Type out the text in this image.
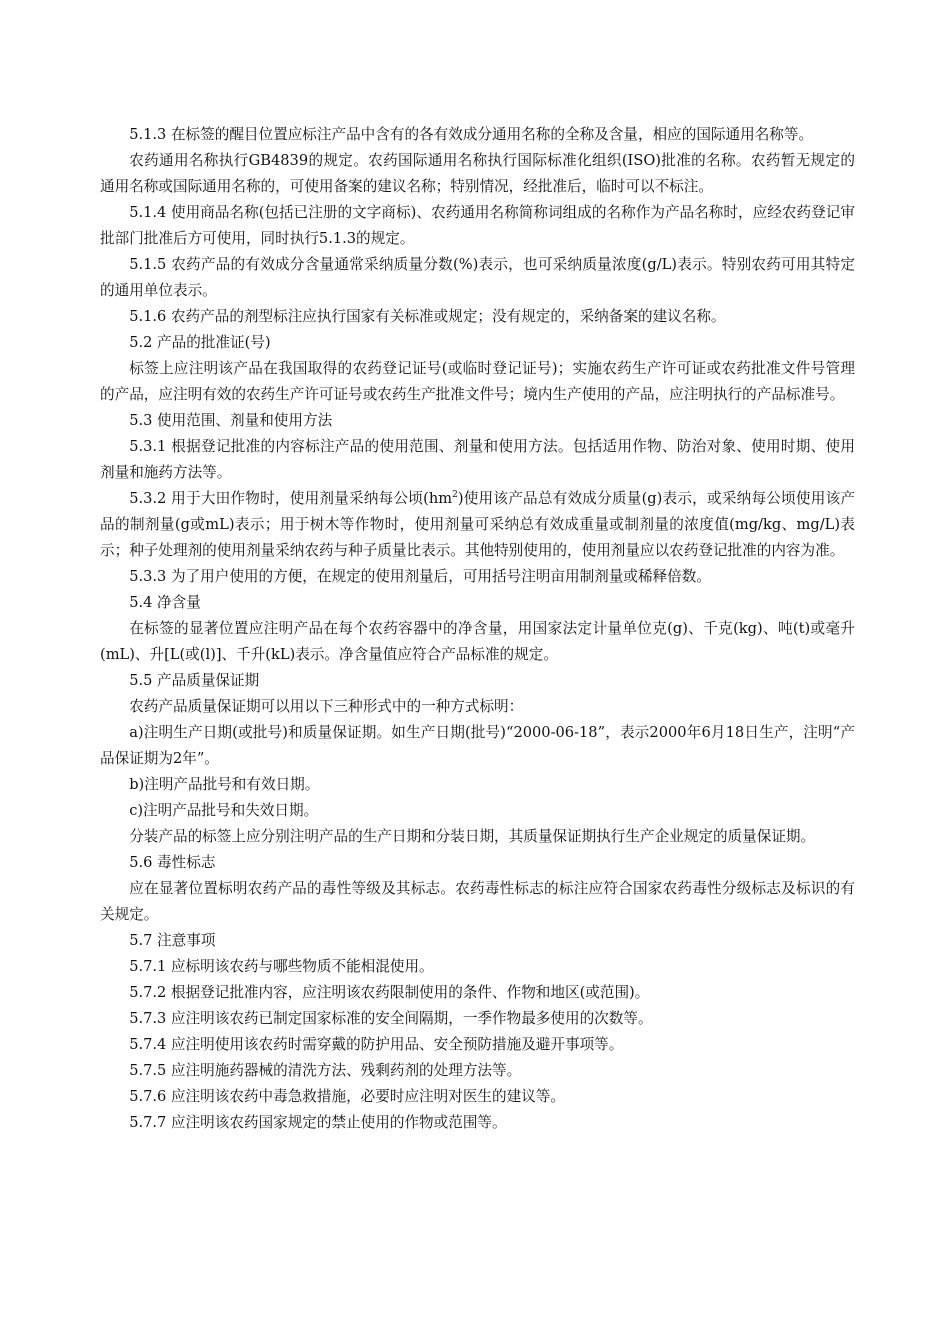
5.1.3 在标签的醒目位置应标注产品中含有的各有效成分通用名称的全称及含量，相应的国际通用名称等。

农药通用名称执行GB4839的规定。农药国际通用名称执行国际标准化组织(ISO)批准的名称。农药暂无规定的通用名称或国际通用名称的，可使用备案的建议名称；特别情况，经批准后，临时可以不标注。

5.1.4 使用商品名称(包括已注册的文字商标)、农药通用名称简称词组成的名称作为产品名称时，应经农药登记审批部门批准后方可使用，同时执行5.1.3的规定。

5.1.5 农药产品的有效成分含量通常采纳质量分数(%)表示，也可采纳质量浓度(g/L)表示。特别农药可用其特定的通用单位表示。

5.1.6 农药产品的剂型标注应执行国家有关标准或规定；没有规定的，采纳备案的建议名称。

5.2 产品的批准证(号)

标签上应注明该产品在我国取得的农药登记证号(或临时登记证号)；实施农药生产许可证或农药批准文件号管理的产品，应注明有效的农药生产许可证号或农药生产批准文件号；境内生产使用的产品，应注明执行的产品标准号。

5.3 使用范围、剂量和使用方法

5.3.1 根据登记批准的内容标注产品的使用范围、剂量和使用方法。包括适用作物、防治对象、使用时期、使用剂量和施药方法等。

5.3.2 用于大田作物时，使用剂量采纳每公顷$(hm^2)$使用该产品总有效成分质量(g)表示，或采纳每公顷使用该产品的制剂量(g或mL)表示；用于树木等作物时，使用剂量可采纳总有效成重量或制剂量的浓度值(mg/kg、mg/L)表示；种子处理剂的使用剂量采纳农药与种子质量比表示。其他特别使用的，使用剂量应以农药登记批准的内容为准。

5.3.3 为了用户使用的方便，在规定的使用剂量后，可用括号注明亩用制剂量或稀释倍数。

5.4 净含量

在标签的显著位置应注明产品在每个农药容器中的净含量，用国家法定计量单位克(g)、千克(kg)、吨(t)或毫升(mL)、升[L(或(l)]、千升(kL)表示。净含量值应符合产品标准的规定。

5.5 产品质量保证期

农药产品质量保证期可以用以下三种形式中的一种方式标明：

a)注明生产日期(或批号)和质量保证期。如生产日期(批号)“2000-06-18”，表示2000年6月18日生产，注明“产品保证期为2年”。

b)注明产品批号和有效日期。

c)注明产品批号和失效日期。

分装产品的标签上应分别注明产品的生产日期和分装日期，其质量保证期执行生产企业规定的质量保证期。

5.6 毒性标志

应在显著位置标明农药产品的毒性等级及其标志。农药毒性标志的标注应符合国家农药毒性分级标志及标识的有关规定。

5.7 注意事项

5.7.1 应标明该农药与哪些物质不能相混使用。

5.7.2 根据登记批准内容，应注明该农药限制使用的条件、作物和地区(或范围)。

5.7.3 应注明该农药已制定国家标准的安全间隔期，一季作物最多使用的次数等。

5.7.4 应注明使用该农药时需穿戴的防护用品、安全预防措施及避开事项等。

5.7.5 应注明施药器械的清洗方法、残剩药剂的处理方法等。

5.7.6 应注明该农药中毒急救措施，必要时应注明对医生的建议等。

5.7.7 应注明该农药国家规定的禁止使用的作物或范围等。
